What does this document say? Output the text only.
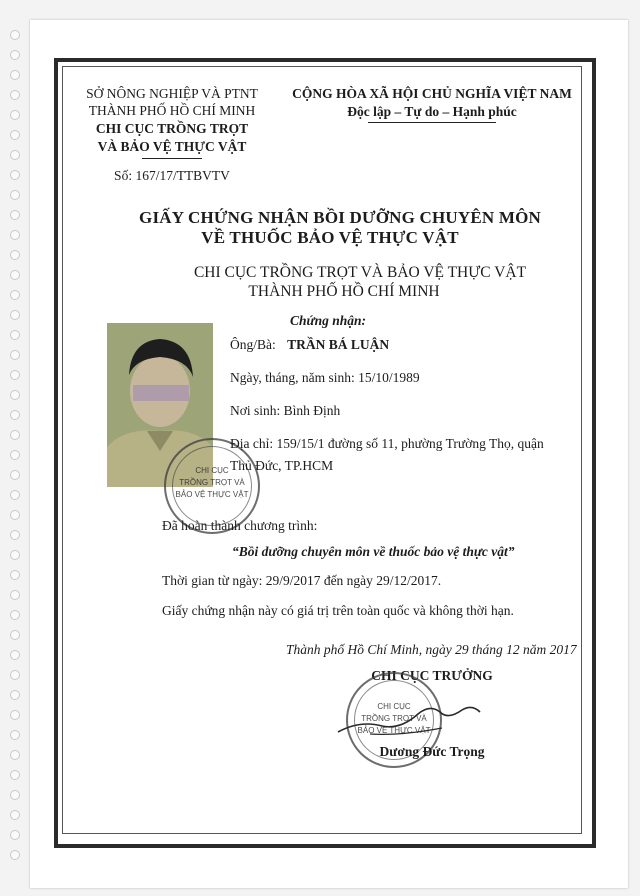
SỞ NÔNG NGHIỆP VÀ PTNT
THÀNH PHỐ HỒ CHÍ MINH
CHI CỤC TRỒNG TRỌT
VÀ BẢO VỆ THỰC VẬT
Số: 167/17/TTBVTV
CỘNG HÒA XÃ HỘI CHỦ NGHĨA VIỆT NAM
Độc lập – Tự do – Hạnh phúc
GIẤY CHỨNG NHẬN BỒI DƯỠNG CHUYÊN MÔN
VỀ THUỐC BẢO VỆ THỰC VẬT
CHI CỤC TRỒNG TRỌT VÀ BẢO VỆ THỰC VẬT
THÀNH PHỐ HỒ CHÍ MINH
Chứng nhận:
CHI CỤC
TRỒNG TRỌT VÀ
BẢO VỆ THỰC VẬT
Ông/Bà: TRẦN BÁ LUẬN
Ngày, tháng, năm sinh: 15/10/1989
Nơi sinh: Bình Định
Địa chỉ: 159/15/1 đường số 11, phường Trường Thọ, quận
Thủ Đức, TP.HCM
Đã hoàn thành chương trình:
“Bồi dưỡng chuyên môn về thuốc bảo vệ thực vật”
Thời gian từ ngày: 29/9/2017 đến ngày 29/12/2017.
Giấy chứng nhận này có giá trị trên toàn quốc và không thời hạn.
Thành phố Hồ Chí Minh, ngày 29 tháng 12 năm 2017
CHI CỤC TRƯỞNG
CHI CỤC
TRỒNG TRỌT VÀ
BẢO VỆ THỰC VẬT
Dương Đức Trọng
